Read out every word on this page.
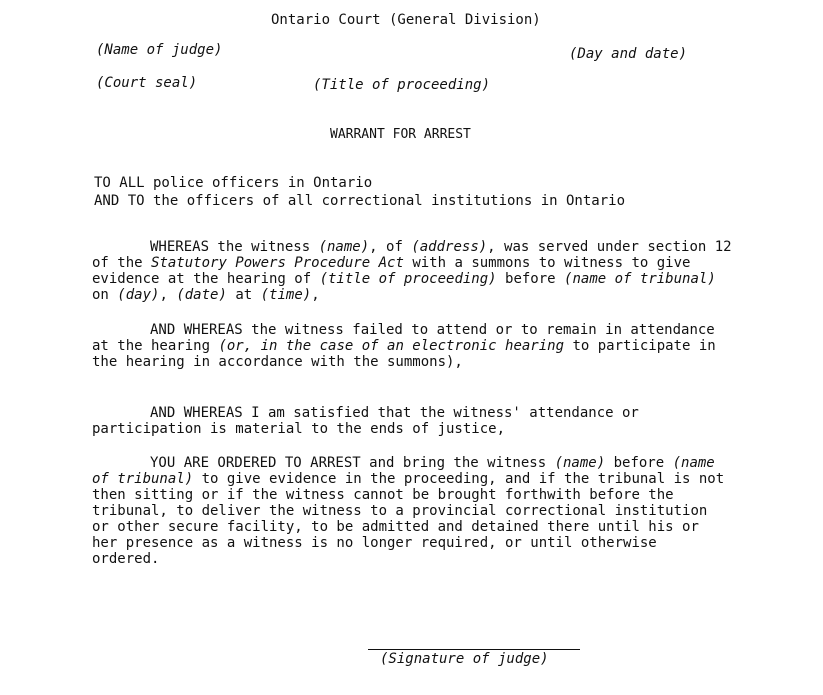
Ontario Court (General Division)
(Name of judge)	(Day and date)
(Court seal)	(Title of proceeding)
WARRANT FOR ARREST
TO ALL police officers in Ontario
AND TO the officers of all correctional institutions in Ontario
WHEREAS the witness (name), of (address), was served under section 12 of the Statutory Powers Procedure Act with a summons to witness to give evidence at the hearing of (title of proceeding) before (name of tribunal) on (day), (date) at (time),
AND WHEREAS the witness failed to attend or to remain in attendance at the hearing (or, in the case of an electronic hearing to participate in the hearing in accordance with the summons),
AND WHEREAS I am satisfied that the witness' attendance or participation is material to the ends of justice,
YOU ARE ORDERED TO ARREST and bring the witness (name) before (name of tribunal) to give evidence in the proceeding, and if the tribunal is not then sitting or if the witness cannot be brought forthwith before the tribunal, to deliver the witness to a provincial correctional institution or other secure facility, to be admitted and detained there until his or her presence as a witness is no longer required, or until otherwise ordered.
(Signature of judge)
